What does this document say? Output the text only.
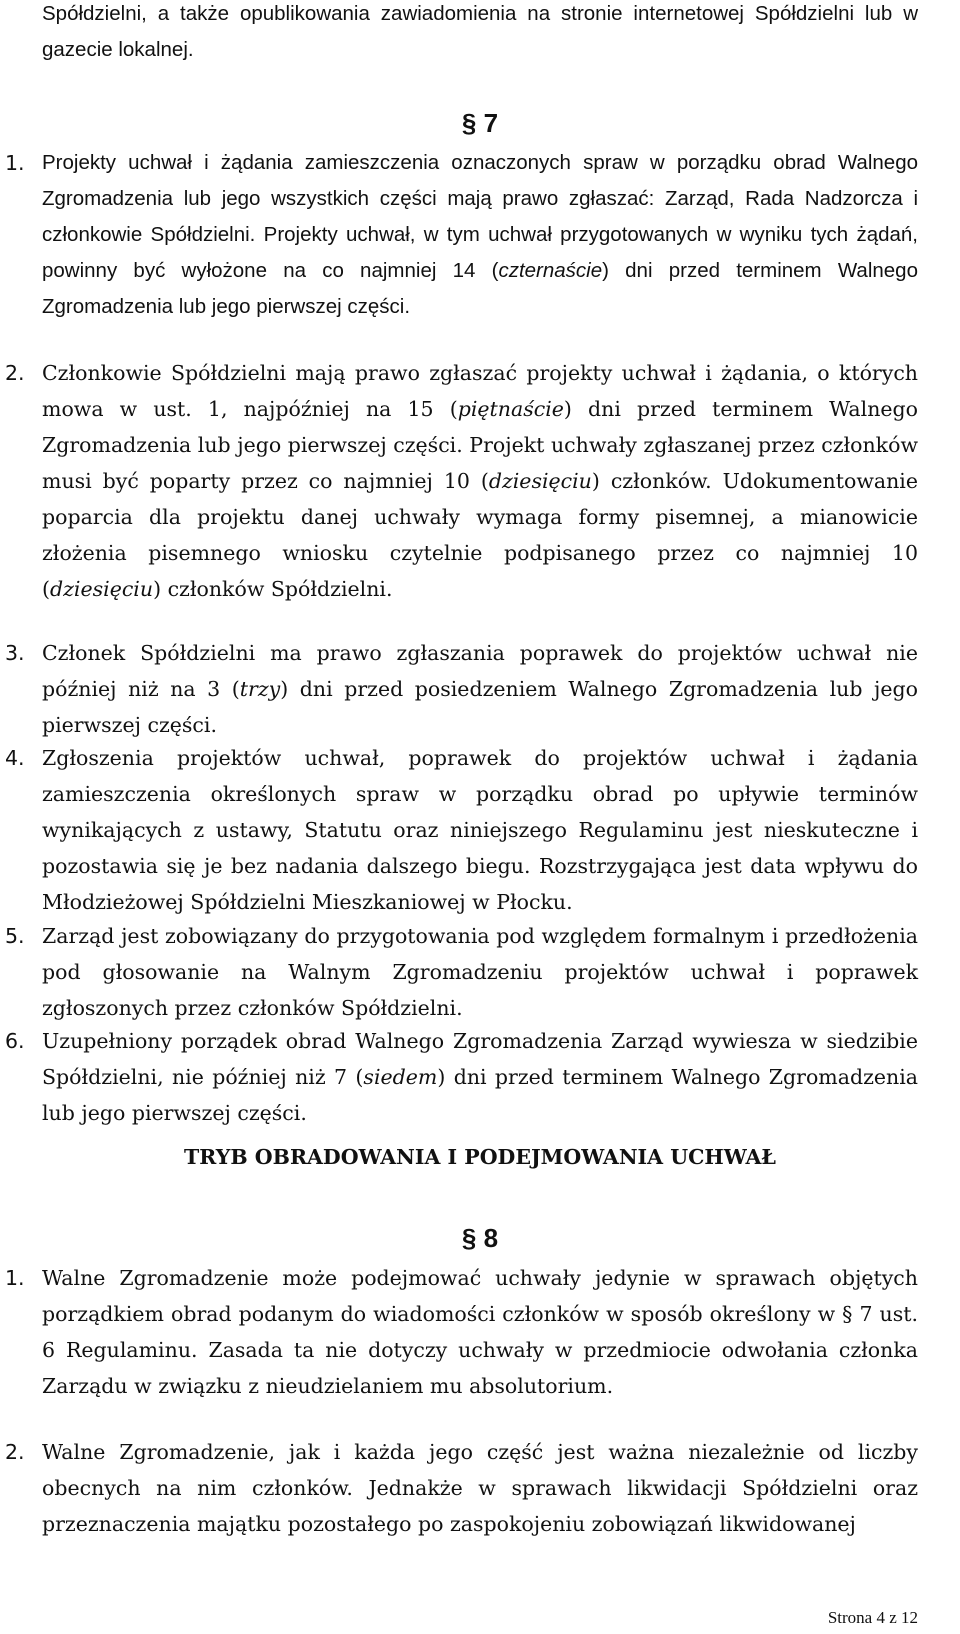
Spółdzielni, a także opublikowania zawiadomienia na stronie internetowej Spółdzielni lub w gazecie lokalnej.
§ 7
1. Projekty uchwał i żądania zamieszczenia oznaczonych spraw w porządku obrad Walnego Zgromadzenia lub jego wszystkich części mają prawo zgłaszać: Zarząd, Rada Nadzorcza i członkowie Spółdzielni. Projekty uchwał, w tym uchwał przygotowanych w wyniku tych żądań, powinny być wyłożone na co najmniej 14 (czternaście) dni przed terminem Walnego Zgromadzenia lub jego pierwszej części.
2. Członkowie Spółdzielni mają prawo zgłaszać projekty uchwał i żądania, o których mowa w ust. 1, najpóźniej na 15 (piętnaście) dni przed terminem Walnego Zgromadzenia lub jego pierwszej części. Projekt uchwały zgłaszanej przez członków musi być poparty przez co najmniej 10 (dziesięciu) członków. Udokumentowanie poparcia dla projektu danej uchwały wymaga formy pisemnej, a mianowicie złożenia pisemnego wniosku czytelnie podpisanego przez co najmniej 10 (dziesięciu) członków Spółdzielni.
3. Członek Spółdzielni ma prawo zgłaszania poprawek do projektów uchwał nie później niż na 3 (trzy) dni przed posiedzeniem Walnego Zgromadzenia lub jego pierwszej części.
4. Zgłoszenia projektów uchwał, poprawek do projektów uchwał i żądania zamieszczenia określonych spraw w porządku obrad po upływie terminów wynikających z ustawy, Statutu oraz niniejszego Regulaminu jest nieskuteczne i pozostawia się je bez nadania dalszego biegu. Rozstrzygająca jest data wpływu do Młodzieżowej Spółdzielni Mieszkaniowej w Płocku.
5. Zarząd jest zobowiązany do przygotowania pod względem formalnym i przedłożenia pod głosowanie na Walnym Zgromadzeniu projektów uchwał i poprawek zgłoszonych przez członków Spółdzielni.
6. Uzupełniony porządek obrad Walnego Zgromadzenia Zarząd wywiesza w siedzibie Spółdzielni, nie później niż 7 (siedem) dni przed terminem Walnego Zgromadzenia lub jego pierwszej części.
TRYB OBRADOWANIA I PODEJMOWANIA UCHWAŁ
§ 8
1. Walne Zgromadzenie może podejmować uchwały jedynie w sprawach objętych porządkiem obrad podanym do wiadomości członków w sposób określony w § 7 ust. 6 Regulaminu. Zasada ta nie dotyczy uchwały w przedmiocie odwołania członka Zarządu w związku z nieudzielaniem mu absolutorium.
2. Walne Zgromadzenie, jak i każda jego część jest ważna niezależnie od liczby obecnych na nim członków. Jednakże w sprawach likwidacji Spółdzielni oraz przeznaczenia majątku pozostałego po zaspokojeniu zobowiązań likwidowanej
Strona 4 z 12
